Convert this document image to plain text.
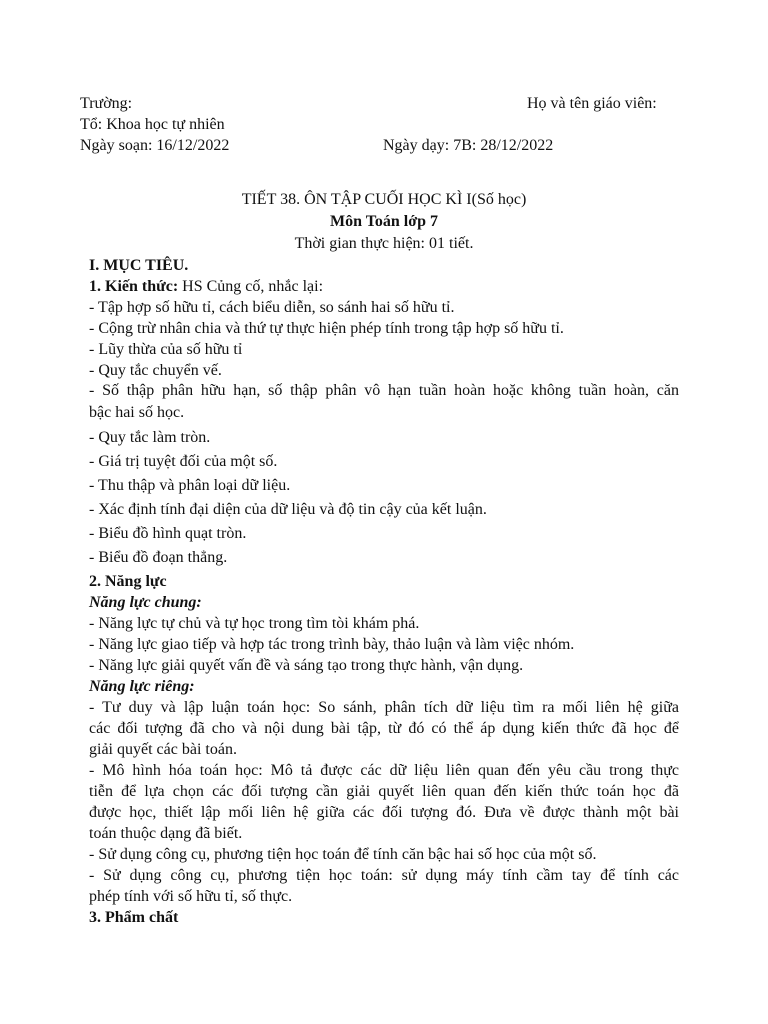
Trường:	Họ và tên giáo viên:
Tổ: Khoa học tự nhiên
Ngày soạn: 16/12/2022	Ngày dạy: 7B: 28/12/2022
TIẾT 38. ÔN TẬP CUỐI HỌC KÌ I(Số học)
Môn Toán lớp 7
Thời gian thực hiện: 01 tiết.
I. MỤC TIÊU.
1. Kiến thức: HS Củng cố, nhắc lại:
- Tập hợp số hữu tỉ, cách biểu diễn, so sánh hai số hữu tỉ.
- Cộng trừ nhân chia và thứ tự thực hiện phép tính trong tập hợp số hữu tỉ.
- Lũy thừa của số hữu tỉ
- Quy tắc chuyển vế.
- Số thập phân hữu hạn, số thập phân vô hạn tuần hoàn hoặc không tuần hoàn, căn
bậc hai số học.
- Quy tắc làm tròn.
- Giá trị tuyệt đối của một số.
- Thu thập và phân loại dữ liệu.
- Xác định tính đại diện của dữ liệu và độ tin cậy của kết luận.
- Biểu đồ hình quạt tròn.
- Biểu đồ đoạn thẳng.
2. Năng lực
Năng lực chung:
- Năng lực tự chủ và tự học trong tìm tòi khám phá.
- Năng lực giao tiếp và hợp tác trong trình bày, thảo luận và làm việc nhóm.
- Năng lực giải quyết vấn đề và sáng tạo trong thực hành, vận dụng.
Năng lực riêng:
- Tư duy và lập luận toán học: So sánh, phân tích dữ liệu tìm ra mối liên hệ giữa
các đối tượng đã cho và nội dung bài tập, từ đó có thể áp dụng kiến thức đã học để
giải quyết các bài toán.
- Mô hình hóa toán học: Mô tả được các dữ liệu liên quan đến yêu cầu trong thực
tiễn để lựa chọn các đối tượng cần giải quyết liên quan đến kiến thức toán học đã
được học, thiết lập mối liên hệ giữa các đối tượng đó. Đưa về được thành một bài
toán thuộc dạng đã biết.
- Sử dụng công cụ, phương tiện học toán để tính căn bậc hai số học của một số.
- Sử dụng công cụ, phương tiện học toán: sử dụng máy tính cầm tay để tính các
phép tính với số hữu tỉ, số thực.
3. Phẩm chất
